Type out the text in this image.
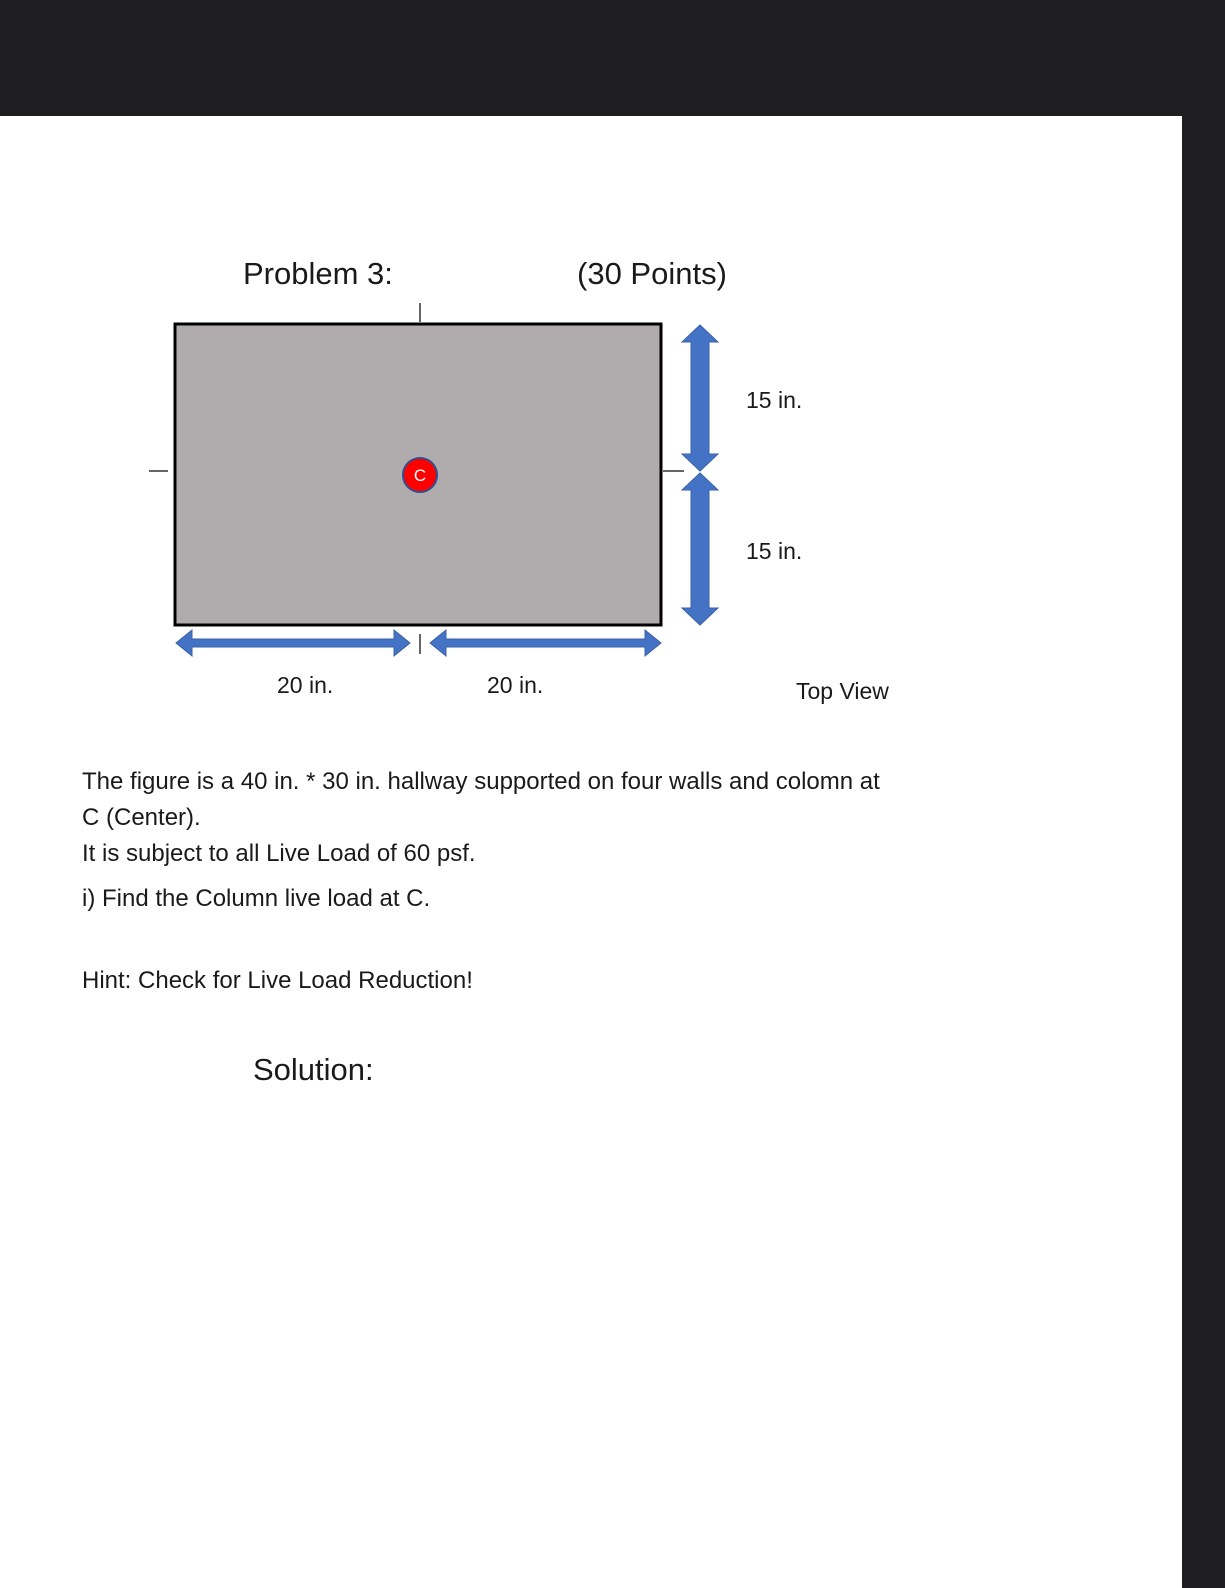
C
Problem 3:	(30 Points)
15 in.
15 in.
20 in.	20 in.	Top View
The figure is a 40 in. * 30 in. hallway supported on four walls and colomn at
C (Center).
It is subject to all Live Load of 60 psf.
i) Find the Column live load at C.
Hint: Check for Live Load Reduction!
Solution:
